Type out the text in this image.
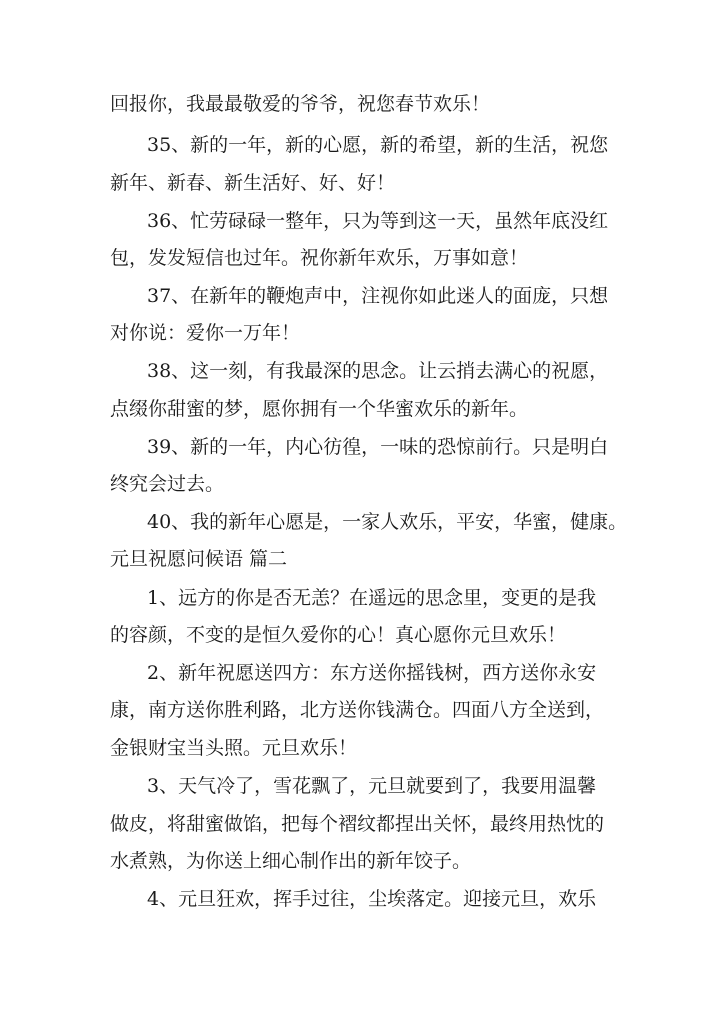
回报你，我最最敬爱的爷爷，祝您春节欢乐！
35、新的一年，新的心愿，新的希望，新的生活，祝您
新年、新春、新生活好、好、好！
36、忙劳碌碌一整年，只为等到这一天，虽然年底没红
包，发发短信也过年。祝你新年欢乐，万事如意！
37、在新年的鞭炮声中，注视你如此迷人的面庞，只想
对你说：爱你一万年！
38、这一刻，有我最深的思念。让云捎去满心的祝愿，
点缀你甜蜜的梦，愿你拥有一个华蜜欢乐的新年。
39、新的一年，内心彷徨，一味的恐惊前行。只是明白
终究会过去。
40、我的新年心愿是，一家人欢乐，平安，华蜜，健康。
元旦祝愿问候语 篇二
1、远方的你是否无恙？在遥远的思念里，变更的是我
的容颜，不变的是恒久爱你的心！真心愿你元旦欢乐！
2、新年祝愿送四方：东方送你摇钱树，西方送你永安
康，南方送你胜利路，北方送你钱满仓。四面八方全送到，
金银财宝当头照。元旦欢乐！
3、天气冷了，雪花飘了，元旦就要到了，我要用温馨
做皮，将甜蜜做馅，把每个褶纹都捏出关怀，最终用热忱的
水煮熟，为你送上细心制作出的新年饺子。
4、元旦狂欢，挥手过往，尘埃落定。迎接元旦，欢乐
